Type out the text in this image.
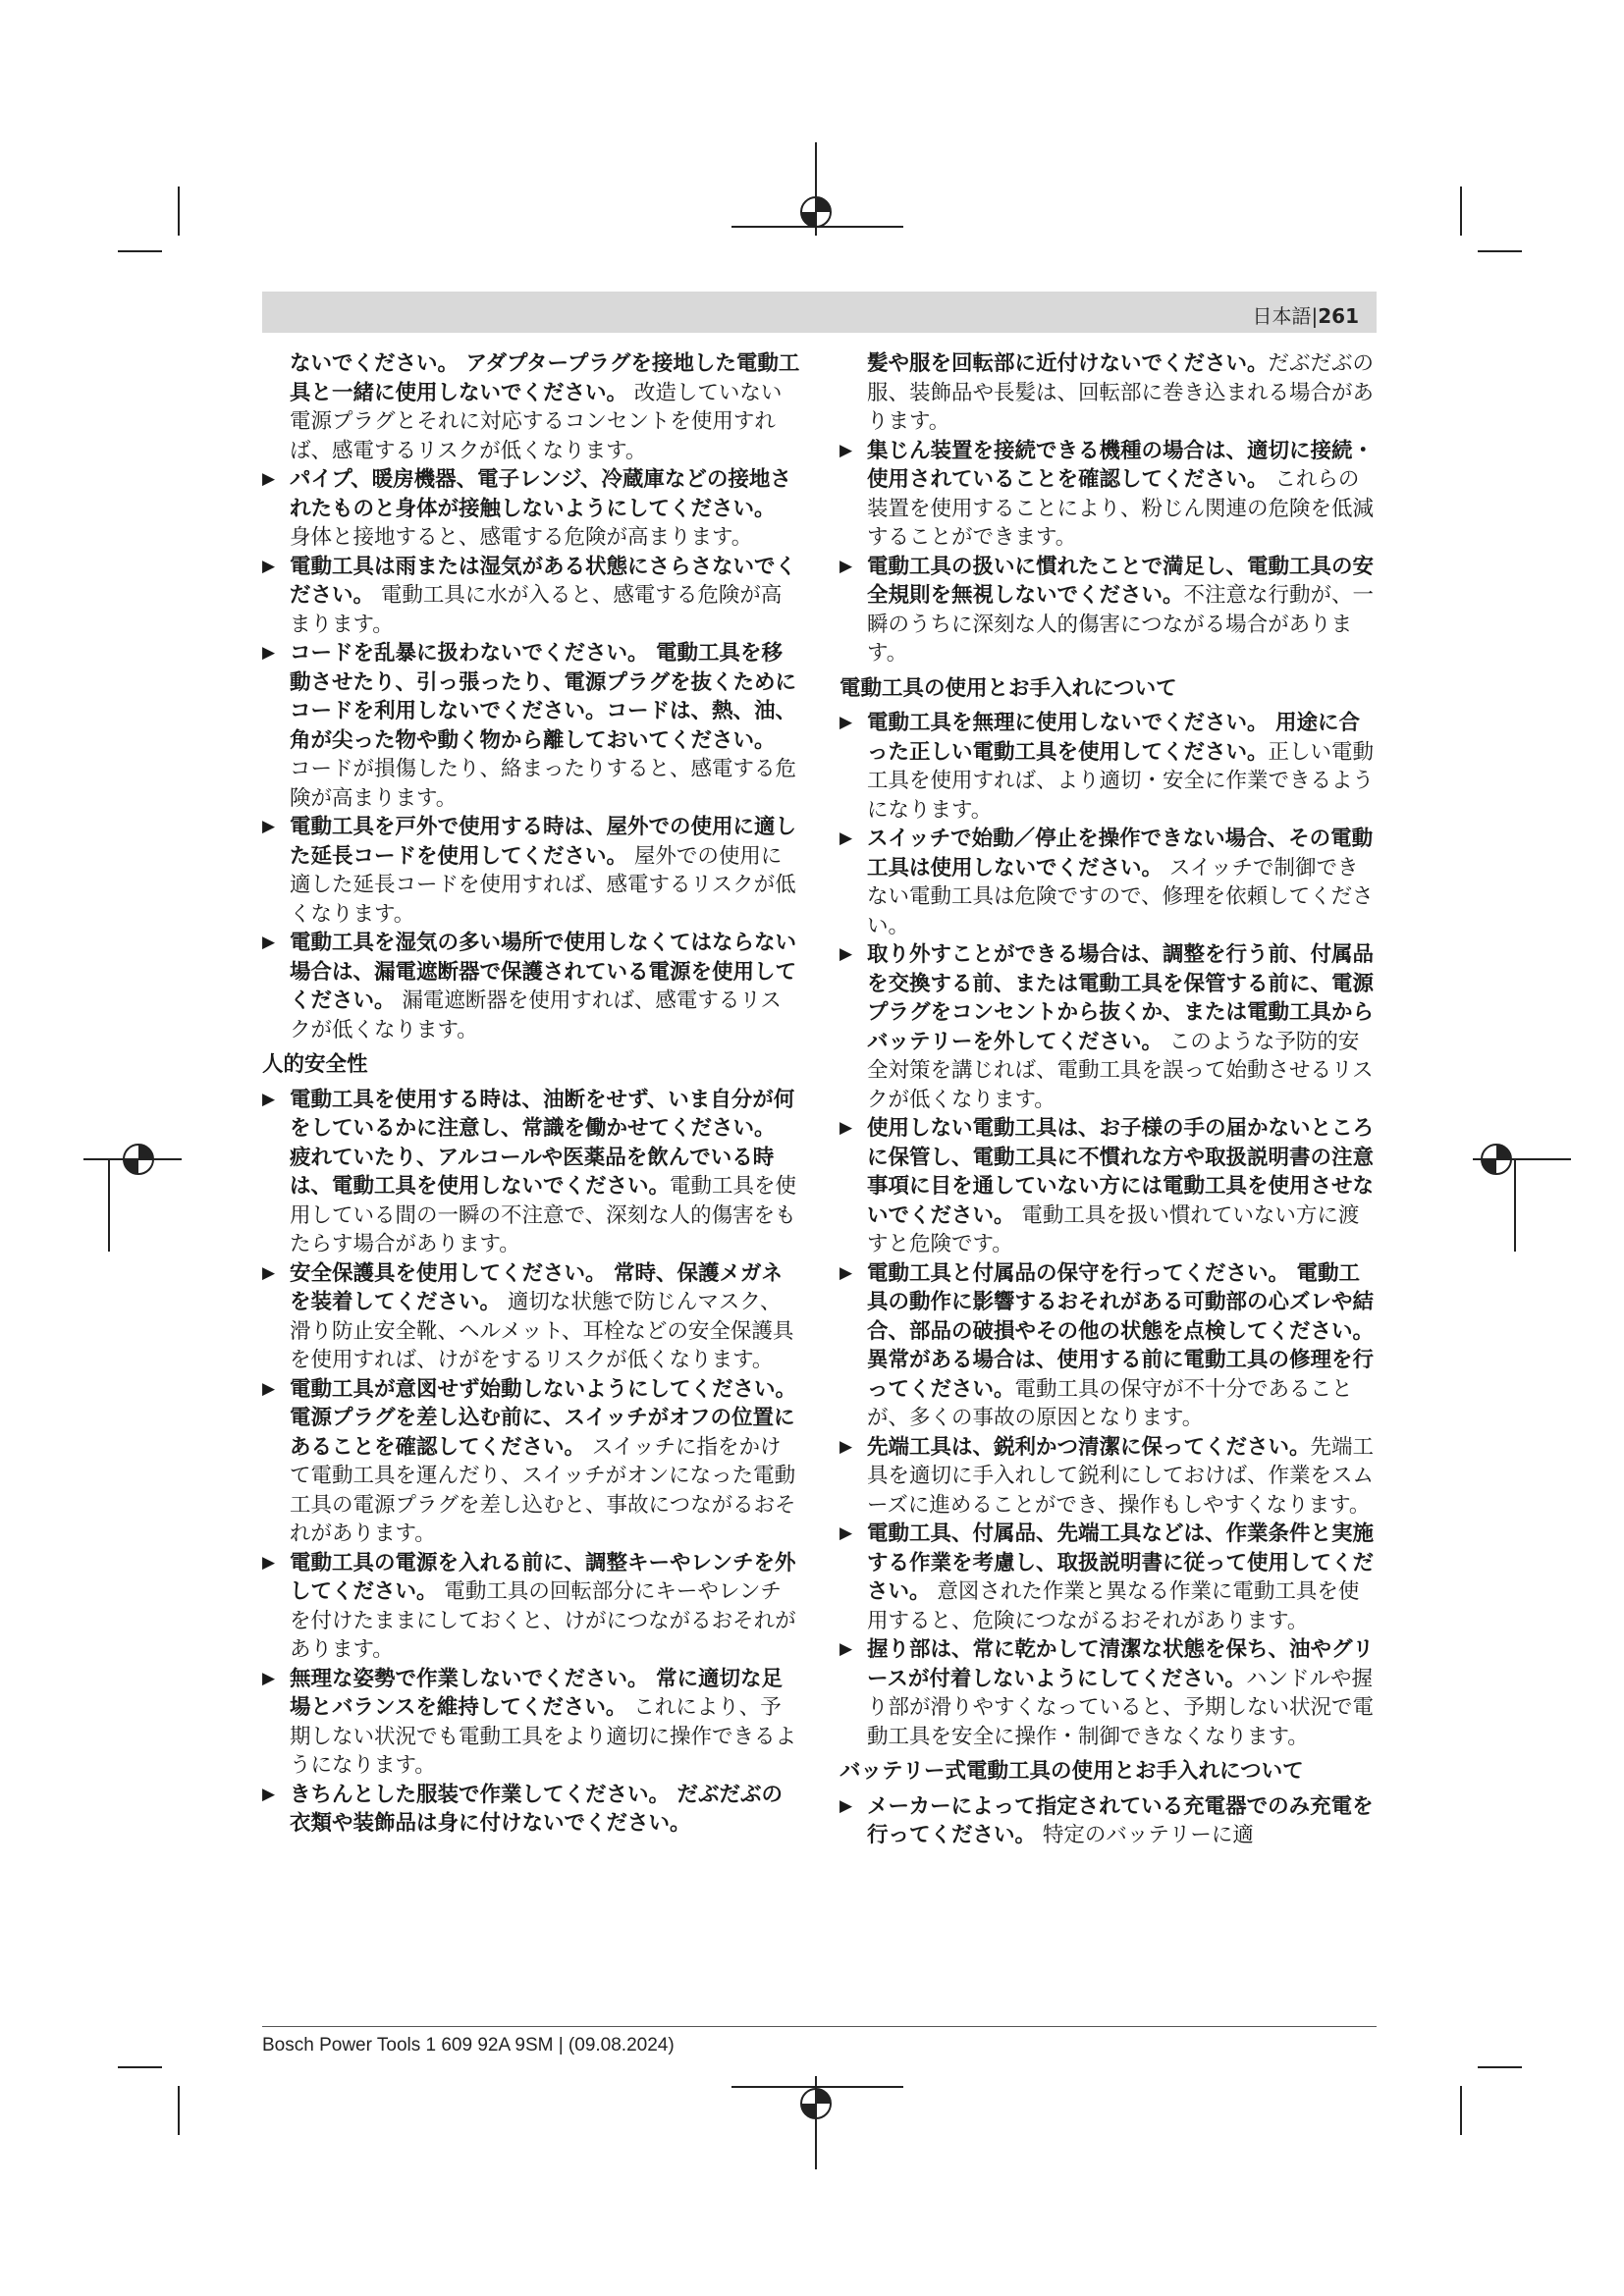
日本語|261

ないでください。 アダプタープラグを接地した電動工具と一緒に使用しないでください。 改造していない電源プラグとそれに対応するコンセントを使用すれば、感電するリスクが低くなります。

▶ パイプ、暖房機器、電子レンジ、冷蔵庫などの接地されたものと身体が接触しないようにしてください。 身体と接地すると、感電する危険が高まります。

▶ 電動工具は雨または湿気がある状態にさらさないでください。 電動工具に水が入ると、感電する危険が高まります。

▶ コードを乱暴に扱わないでください。 電動工具を移動させたり、引っ張ったり、電源プラグを抜くためにコードを利用しないでください。コードは、熱、油、角が尖った物や動く物から離しておいてください。 コードが損傷したり、絡まったりすると、感電する危険が高まります。

▶ 電動工具を戸外で使用する時は、屋外での使用に適した延長コードを使用してください。 屋外での使用に適した延長コードを使用すれば、感電するリスクが低くなります。

▶ 電動工具を湿気の多い場所で使用しなくてはならない場合は、漏電遮断器で保護されている電源を使用してください。 漏電遮断器を使用すれば、感電するリスクが低くなります。

人的安全性

▶ 電動工具を使用する時は、油断をせず、いま自分が何をしているかに注意し、常識を働かせてください。 疲れていたり、アルコールや医薬品を飲んでいる時は、電動工具を使用しないでください。電動工具を使用している間の一瞬の不注意で、深刻な人的傷害をもたらす場合があります。

▶ 安全保護具を使用してください。 常時、保護メガネを装着してください。 適切な状態で防じんマスク、滑り防止安全靴、ヘルメット、耳栓などの安全保護具を使用すれば、けがをするリスクが低くなります。

▶ 電動工具が意図せず始動しないようにしてください。 電源プラグを差し込む前に、スイッチがオフの位置にあることを確認してください。 スイッチに指をかけて電動工具を運んだり、スイッチがオンになった電動工具の電源プラグを差し込むと、事故につながるおそれがあります。

▶ 電動工具の電源を入れる前に、調整キーやレンチを外してください。 電動工具の回転部分にキーやレンチを付けたままにしておくと、けがにつながるおそれがあります。

▶ 無理な姿勢で作業しないでください。 常に適切な足場とバランスを維持してください。 これにより、予期しない状況でも電動工具をより適切に操作できるようになります。

▶ きちんとした服装で作業してください。 だぶだぶの衣類や装飾品は身に付けないでください。

髪や服を回転部に近付けないでください。だぶだぶの服、装飾品や長髪は、回転部に巻き込まれる場合があります。

▶ 集じん装置を接続できる機種の場合は、適切に接続・使用されていることを確認してください。 これらの装置を使用することにより、粉じん関連の危険を低減することができます。

▶ 電動工具の扱いに慣れたことで満足し、電動工具の安全規則を無視しないでください。不注意な行動が、一瞬のうちに深刻な人的傷害につながる場合があります。

電動工具の使用とお手入れについて

▶ 電動工具を無理に使用しないでください。 用途に合った正しい電動工具を使用してください。正しい電動工具を使用すれば、より適切・安全に作業できるようになります。

▶ スイッチで始動／停止を操作できない場合、その電動工具は使用しないでください。 スイッチで制御できない電動工具は危険ですので、修理を依頼してください。

▶ 取り外すことができる場合は、調整を行う前、付属品を交換する前、または電動工具を保管する前に、電源プラグをコンセントから抜くか、または電動工具からバッテリーを外してください。 このような予防的安全対策を講じれば、電動工具を誤って始動させるリスクが低くなります。

▶ 使用しない電動工具は、お子様の手の届かないところに保管し、電動工具に不慣れな方や取扱説明書の注意事項に目を通していない方には電動工具を使用させないでください。 電動工具を扱い慣れていない方に渡すと危険です。

▶ 電動工具と付属品の保守を行ってください。 電動工具の動作に影響するおそれがある可動部の心ズレや結合、部品の破損やその他の状態を点検してください。 異常がある場合は、使用する前に電動工具の修理を行ってください。電動工具の保守が不十分であることが、多くの事故の原因となります。

▶ 先端工具は、鋭利かつ清潔に保ってください。先端工具を適切に手入れして鋭利にしておけば、作業をスムーズに進めることができ、操作もしやすくなります。

▶ 電動工具、付属品、先端工具などは、作業条件と実施する作業を考慮し、取扱説明書に従って使用してください。 意図された作業と異なる作業に電動工具を使用すると、危険につながるおそれがあります。

▶ 握り部は、常に乾かして清潔な状態を保ち、油やグリースが付着しないようにしてください。ハンドルや握り部が滑りやすくなっていると、予期しない状況で電動工具を安全に操作・制御できなくなります。

バッテリー式電動工具の使用とお手入れについて

▶ メーカーによって指定されている充電器でのみ充電を行ってください。 特定のバッテリーに適

Bosch Power Tools 1 609 92A 9SM | (09.08.2024)
